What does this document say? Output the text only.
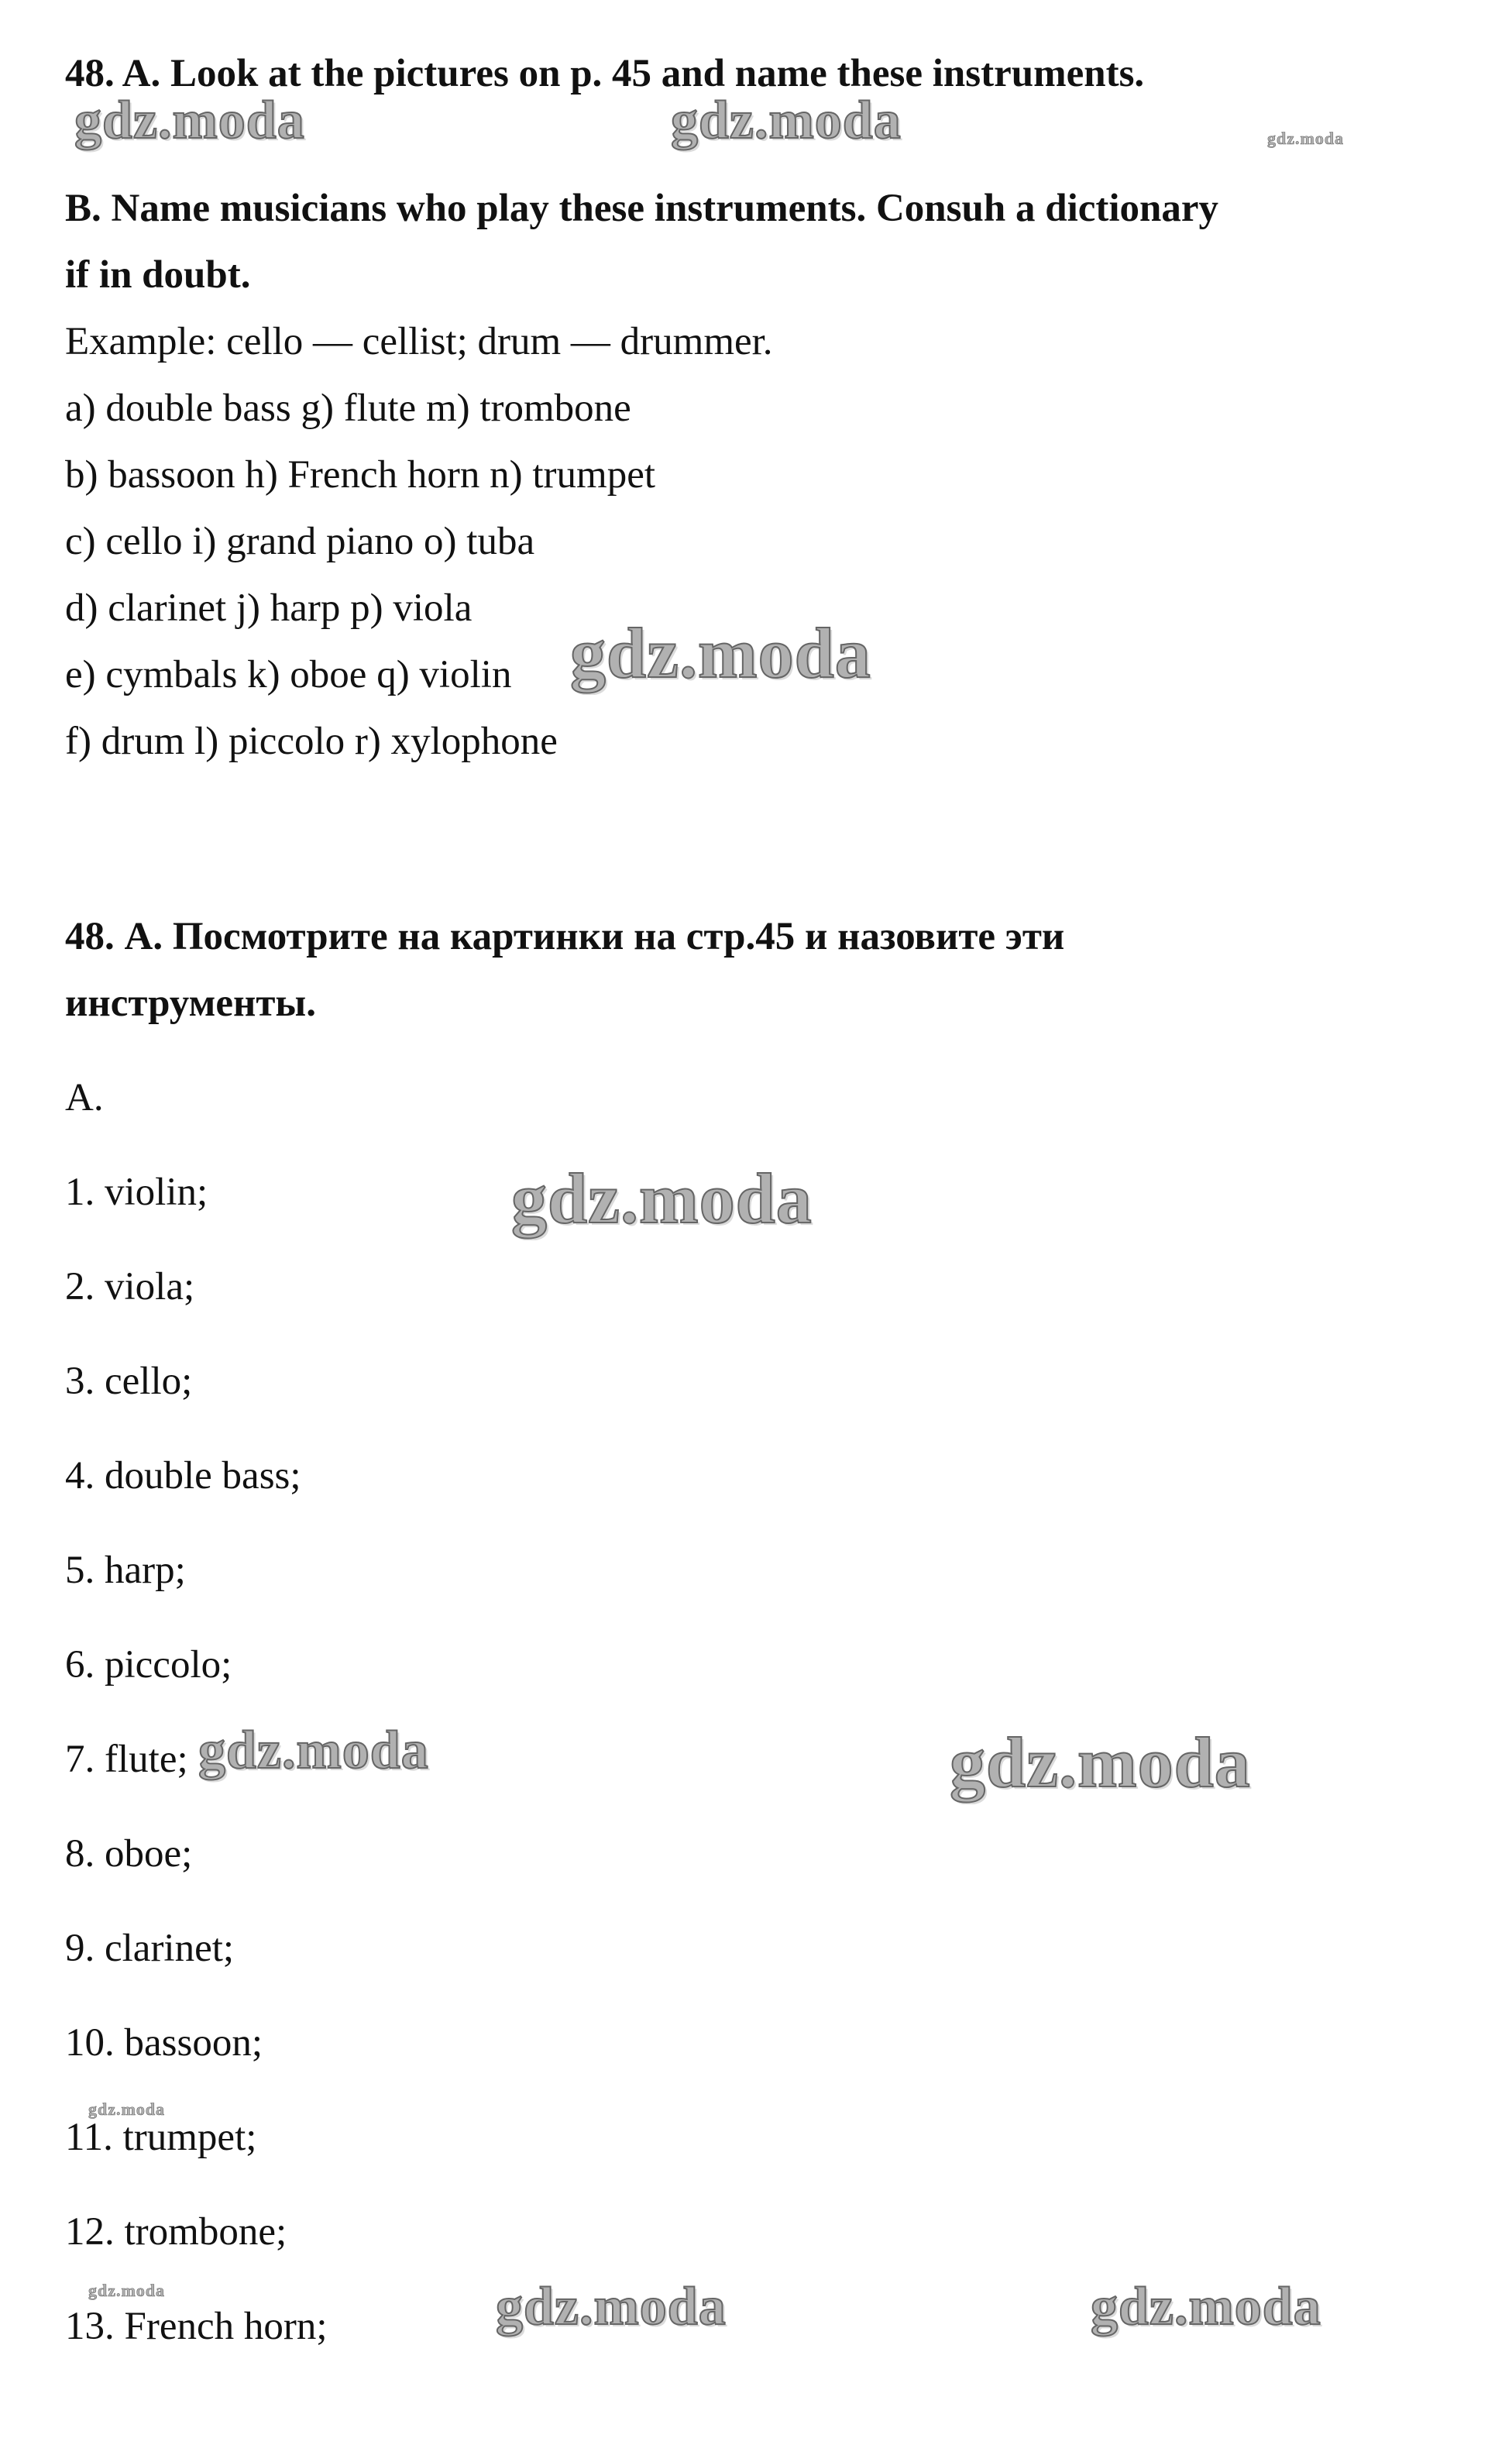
48. A. Look at the pictures on p. 45 and name these instruments.
B. Name musicians who play these instruments. Consuh a dictionary
if in doubt.
Example: cello — cellist; drum — drummer.
a) double bass g) flute m) trombone
b) bassoon h) French horn n) trumpet
c) cello i) grand piano o) tuba
d) clarinet j) harp p) viola
e) cymbals k) oboe q) violin
f) drum l) piccolo r) xylophone
48. А. Посмотрите на картинки на стр.45 и назовите эти
инструменты.
A.
1. violin;
2. viola;
3. cello;
4. double bass;
5. harp;
6. piccolo;
7. flute;
8. oboe;
9. clarinet;
10. bassoon;
11. trumpet;
12. trombone;
13. French horn;
gdz.moda	gdz.moda	gdz.moda
gdz.moda
gdz.moda
gdz.moda	gdz.moda
gdz.moda
gdz.moda	gdz.moda	gdz.moda
